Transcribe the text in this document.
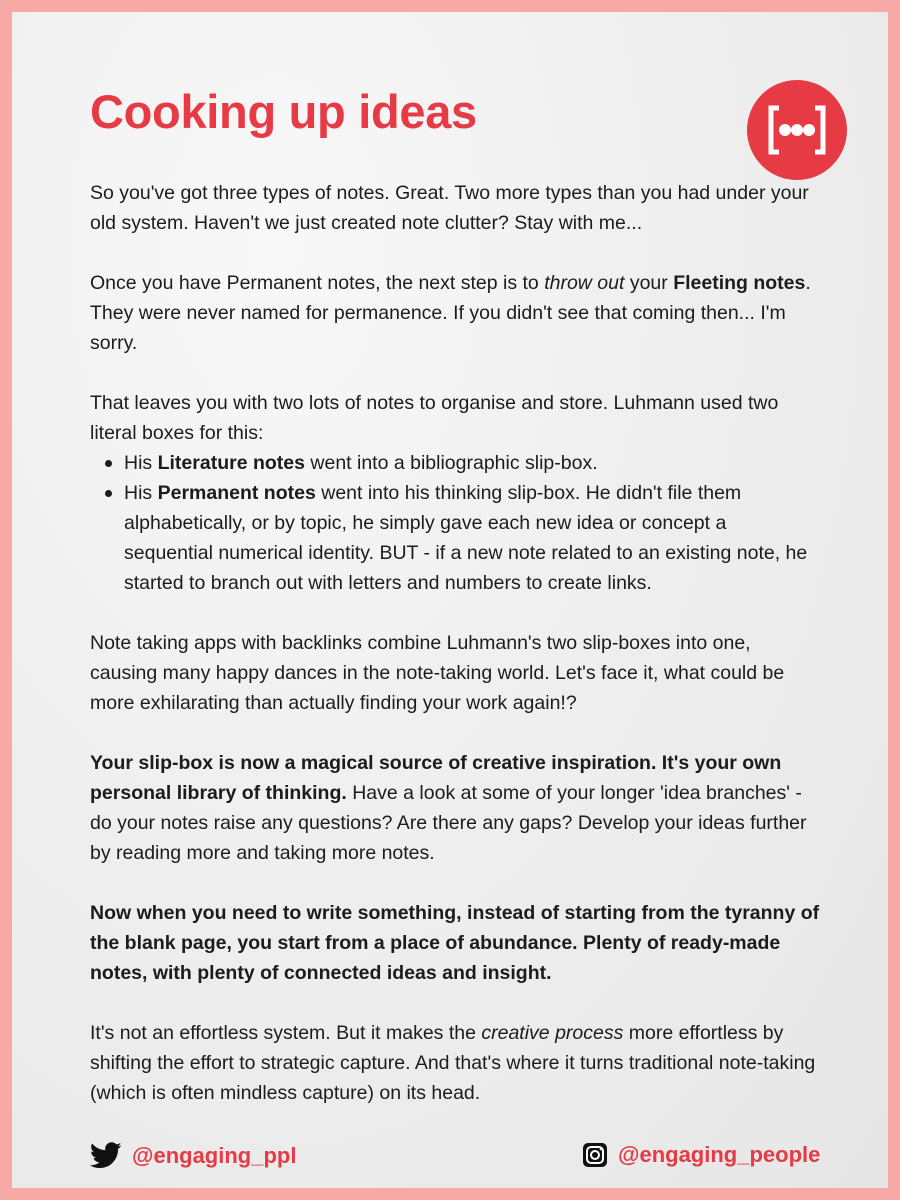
Cooking up ideas

So you've got three types of notes. Great. Two more types than you had under your old system. Haven't we just created note clutter? Stay with me...

Once you have Permanent notes, the next step is to throw out your Fleeting notes. They were never named for permanence. If you didn't see that coming then... I'm sorry.

That leaves you with two lots of notes to organise and store. Luhmann used two literal boxes for this:

His Literature notes went into a bibliographic slip-box.
His Permanent notes went into his thinking slip-box. He didn't file them alphabetically, or by topic, he simply gave each new idea or concept a sequential numerical identity. BUT - if a new note related to an existing note, he started to branch out with letters and numbers to create links.

Note taking apps with backlinks combine Luhmann's two slip-boxes into one, causing many happy dances in the note-taking world. Let's face it, what could be more exhilarating than actually finding your work again!?

Your slip-box is now a magical source of creative inspiration. It's your own personal library of thinking. Have a look at some of your longer 'idea branches' - do your notes raise any questions? Are there any gaps? Develop your ideas further by reading more and taking more notes.

Now when you need to write something, instead of starting from the tyranny of the blank page, you start from a place of abundance. Plenty of ready-made notes, with plenty of connected ideas and insight.

It's not an effortless system. But it makes the creative process more effortless by shifting the effort to strategic capture. And that's where it turns traditional note-taking (which is often mindless capture) on its head.

@engaging_ppl	@engaging_people
